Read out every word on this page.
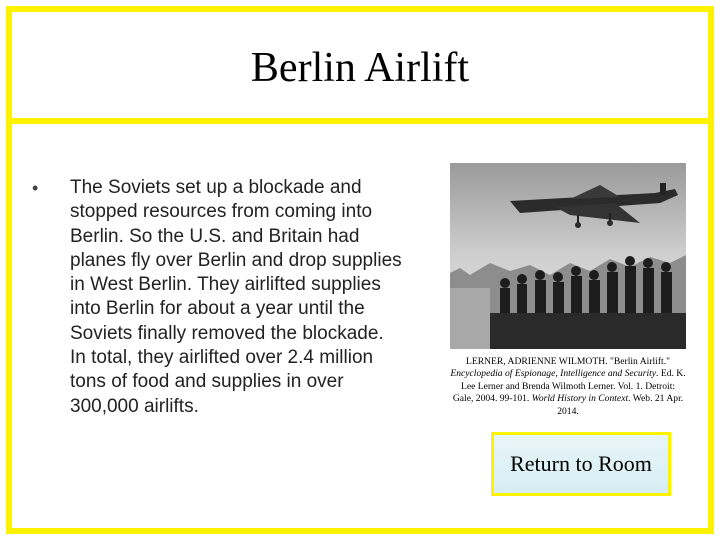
Berlin Airlift
• The Soviets set up a blockade and stopped resources from coming into Berlin. So the U.S. and Britain had planes fly over Berlin and drop supplies in West Berlin. They airlifted supplies into Berlin for about a year until the Soviets finally removed the blockade. In total, they airlifted over 2.4 million tons of food and supplies in over 300,000 airlifts.
LERNER, ADRIENNE WILMOTH. "Berlin Airlift." Encyclopedia of Espionage, Intelligence and Security. Ed. K. Lee Lerner and Brenda Wilmoth Lerner. Vol. 1. Detroit: Gale, 2004. 99-101. World History in Context. Web. 21 Apr. 2014.
Return to Room
